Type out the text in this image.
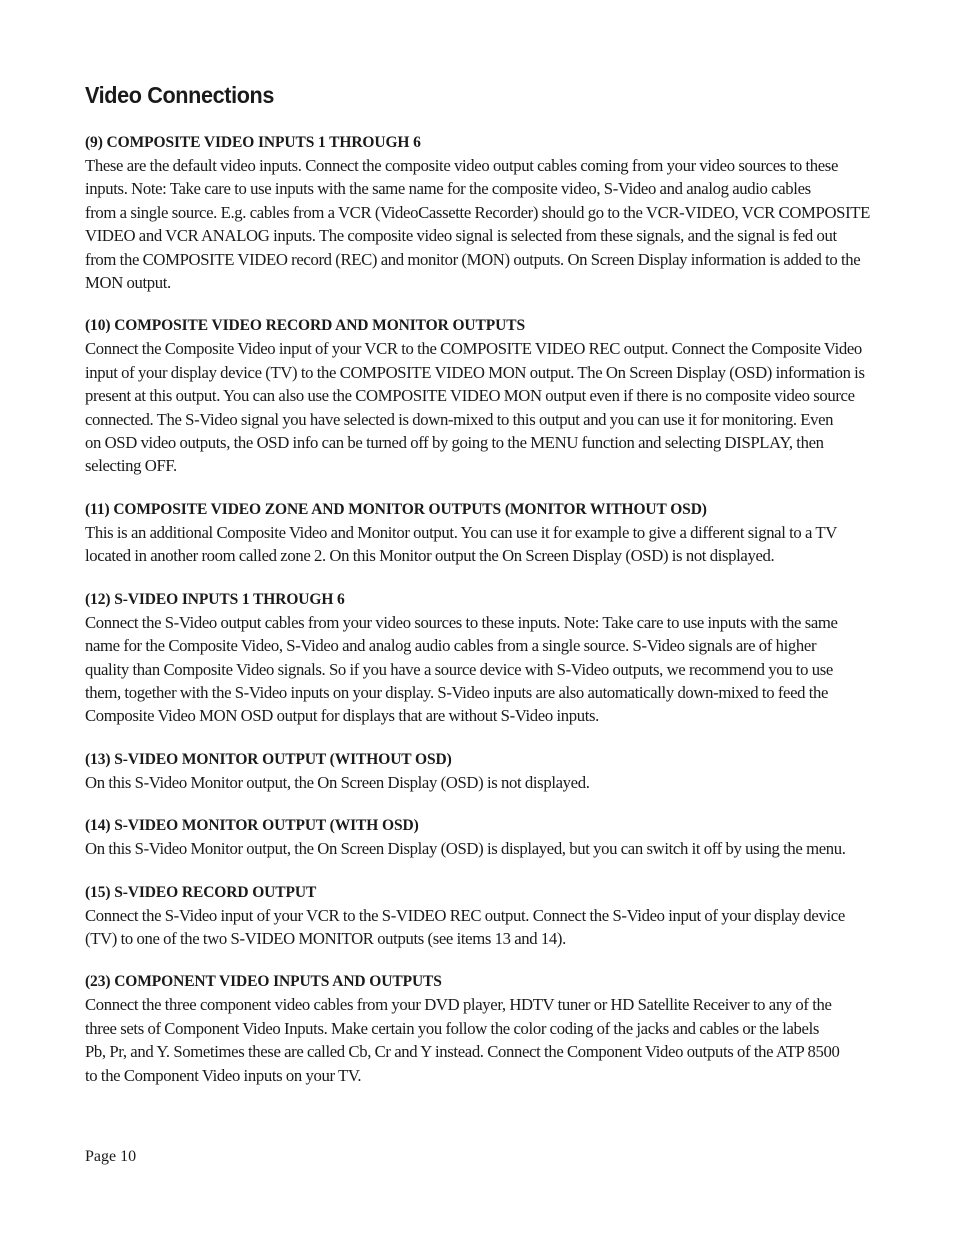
Video Connections
(9) COMPOSITE VIDEO INPUTS 1 THROUGH 6

These are the default video inputs. Connect the composite video output cables coming from your video sources to these
inputs. Note: Take care to use inputs with the same name for the composite video, S-Video and analog audio cables
from a single source. E.g. cables from a VCR (VideoCassette Recorder) should go to the VCR-VIDEO, VCR COMPOSITE
VIDEO and VCR ANALOG inputs. The composite video signal is selected from these signals, and the signal is fed out
from the COMPOSITE VIDEO record (REC) and monitor (MON) outputs. On Screen Display information is added to the
MON output.

(10) COMPOSITE VIDEO RECORD AND MONITOR OUTPUTS

Connect the Composite Video input of your VCR to the COMPOSITE VIDEO REC output. Connect the Composite Video
input of your display device (TV) to the COMPOSITE VIDEO MON output. The On Screen Display (OSD) information is
present at this output. You can also use the COMPOSITE VIDEO MON output even if there is no composite video source
connected. The S-Video signal you have selected is down-mixed to this output and you can use it for monitoring. Even
on OSD video outputs, the OSD info can be turned off by going to the MENU function and selecting DISPLAY, then
selecting OFF.

(11) COMPOSITE VIDEO ZONE AND MONITOR OUTPUTS (MONITOR WITHOUT OSD)

This is an additional Composite Video and Monitor output. You can use it for example to give a different signal to a TV
located in another room called zone 2. On this Monitor output the On Screen Display (OSD) is not displayed.

(12) S-VIDEO INPUTS 1 THROUGH 6

Connect the S-Video output cables from your video sources to these inputs. Note: Take care to use inputs with the same
name for the Composite Video, S-Video and analog audio cables from a single source. S-Video signals are of higher
quality than Composite Video signals. So if you have a source device with S-Video outputs, we recommend you to use
them, together with the S-Video inputs on your display. S-Video inputs are also automatically down-mixed to feed the
Composite Video MON OSD output for displays that are without S-Video inputs.

(13) S-VIDEO MONITOR OUTPUT (WITHOUT OSD)

On this S-Video Monitor output, the On Screen Display (OSD) is not displayed.

(14) S-VIDEO MONITOR OUTPUT (WITH OSD)

On this S-Video Monitor output, the On Screen Display (OSD) is displayed, but you can switch it off by using the menu.

(15) S-VIDEO RECORD OUTPUT

Connect the S-Video input of your VCR to the S-VIDEO REC output. Connect the S-Video input of your display device
(TV) to one of the two S-VIDEO MONITOR outputs (see items 13 and 14).

(23) COMPONENT VIDEO INPUTS AND OUTPUTS

Connect the three component video cables from your DVD player, HDTV tuner or HD Satellite Receiver to any of the
three sets of Component Video Inputs. Make certain you follow the color coding of the jacks and cables or the labels
Pb, Pr, and Y. Sometimes these are called Cb, Cr and Y instead. Connect the Component Video outputs of the ATP 8500
to the Component Video inputs on your TV.

Page 10
